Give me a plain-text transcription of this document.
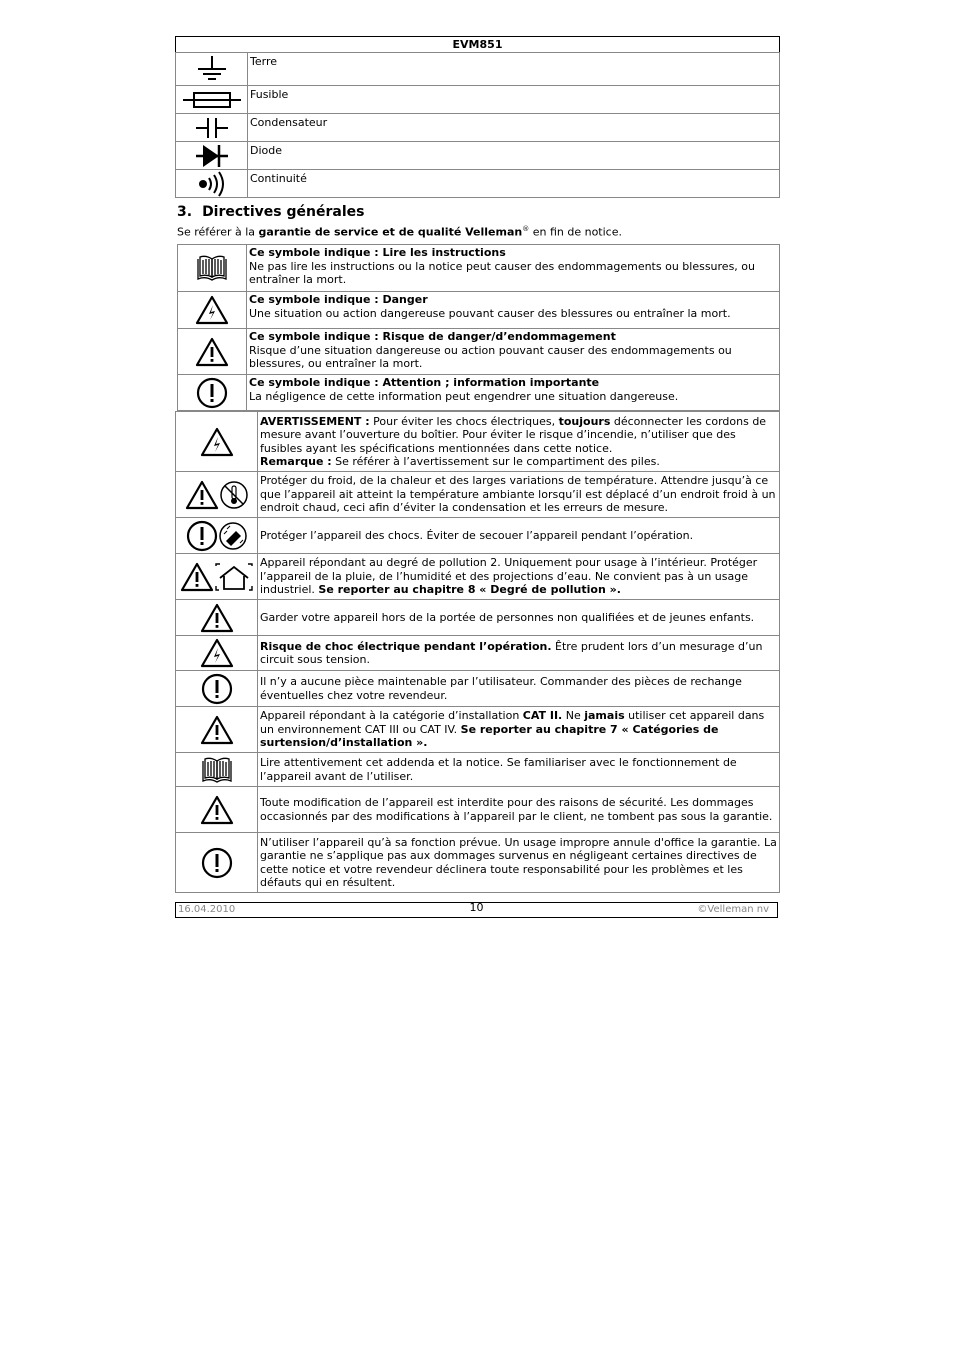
EVM851
	Terre

	Fusible

	Condensateur

	Diode

	Continuité
3. Directives générales
Se référer à la garantie de service et de qualité Velleman® en fin de notice.

Ce symbole indique : Lire les instructions
Ne pas lire les instructions ou la notice peut causer des endommagements ou blessures, ou entraîner la mort.

Ce symbole indique : Danger
Une situation ou action dangereuse pouvant causer des blessures ou entraîner la mort.

Ce symbole indique : Risque de danger/d’endommagement
Risque d’une situation dangereuse ou action pouvant causer des endommagements ou blessures, ou entraîner la mort.

Ce symbole indique : Attention ; information importante
La négligence de cette information peut engendrer une situation dangereuse.
	AVERTISSEMENT : Pour éviter les chocs électriques, toujours déconnecter les cordons de mesure avant l’ouverture du boîtier. Pour éviter le risque d’incendie, n’utiliser que des fusibles ayant les spécifications mentionnées dans cette notice.
Remarque : Se référer à l’avertissement sur le compartiment des piles.

	Protéger du froid, de la chaleur et des larges variations de température. Attendre jusqu’à ce que l’appareil ait atteint la température ambiante lorsqu’il est déplacé d’un endroit froid à un endroit chaud, ceci afin d’éviter la condensation et les erreurs de mesure.

	Protéger l’appareil des chocs. Éviter de secouer l’appareil pendant l’opération.

	Appareil répondant au degré de pollution 2. Uniquement pour usage à l’intérieur. Protéger l’appareil de la pluie, de l’humidité et des projections d’eau. Ne convient pas à un usage industriel. Se reporter au chapitre 8 « Degré de pollution ».

	Garder votre appareil hors de la portée de personnes non qualifiées et de jeunes enfants.

	Risque de choc électrique pendant l’opération. Être prudent lors d’un mesurage d’un circuit sous tension.

	Il n’y a aucune pièce maintenable par l’utilisateur. Commander des pièces de rechange éventuelles chez votre revendeur.

	Appareil répondant à la catégorie d’installation CAT II. Ne jamais utiliser cet appareil dans un environnement CAT III ou CAT IV. Se reporter au chapitre 7 « Catégories de surtension/d’installation ».

	Lire attentivement cet addenda et la notice. Se familiariser avec le fonctionnement de l’appareil avant de l’utiliser.

	Toute modification de l’appareil est interdite pour des raisons de sécurité. Les dommages occasionnés par des modifications à l’appareil par le client, ne tombent pas sous la garantie.

	N’utiliser l’appareil qu’à sa fonction prévue. Un usage impropre annule d'office la garantie. La garantie ne s’applique pas aux dommages survenus en négligeant certaines directives de cette notice et votre revendeur déclinera toute responsabilité pour les problèmes et les défauts qui en résultent.
16.04.2010	10	©Velleman nv
